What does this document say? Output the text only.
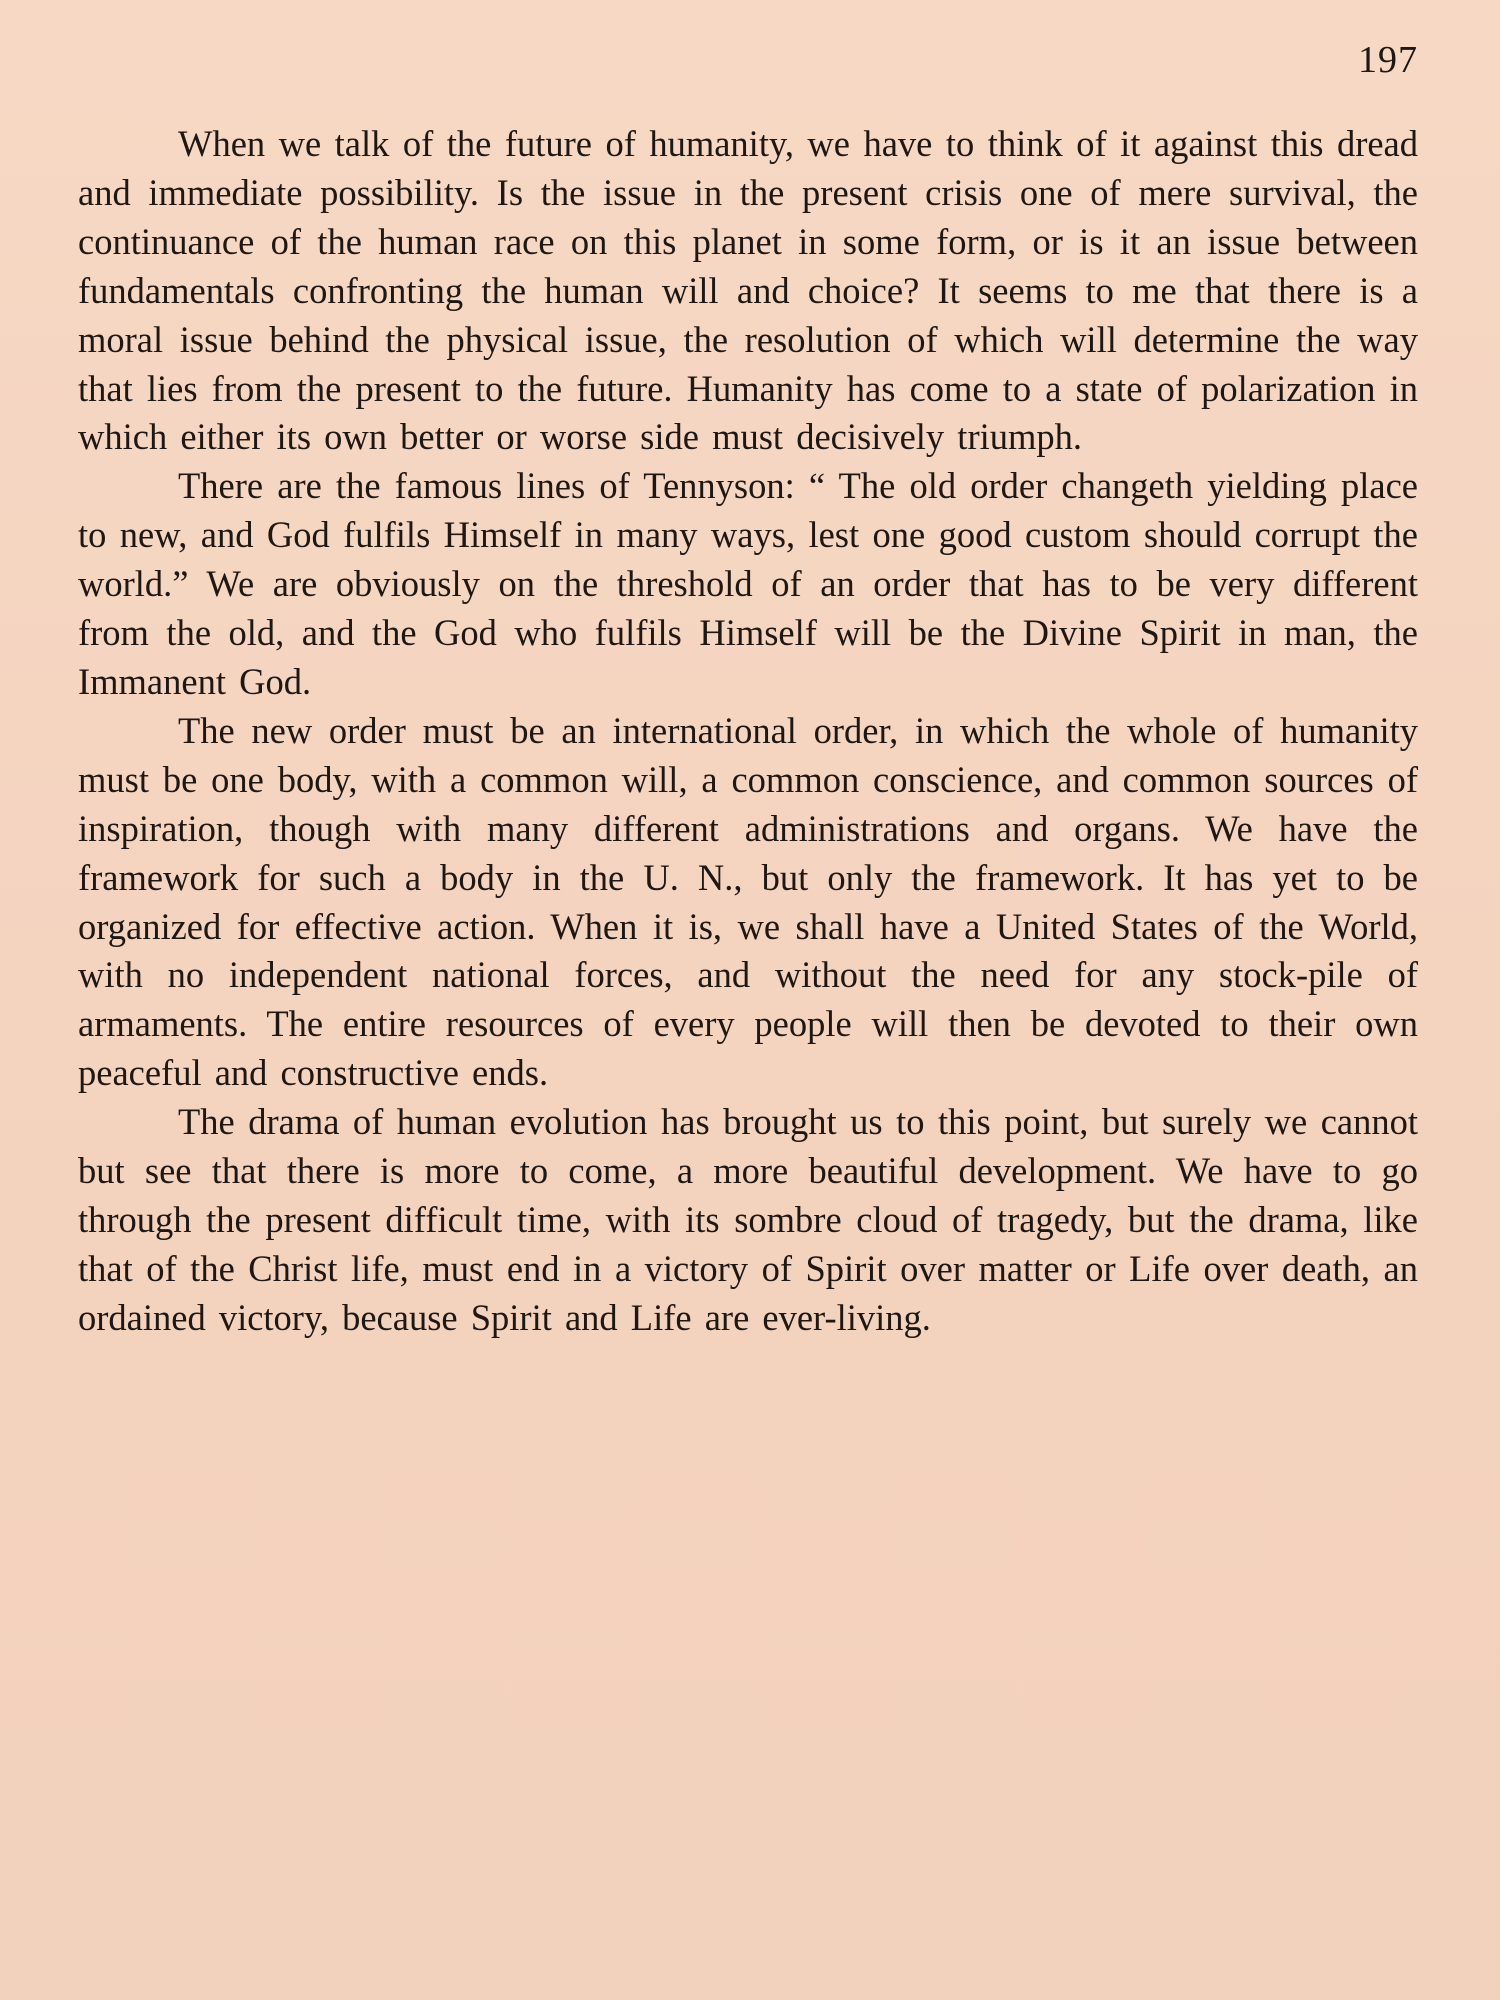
197

When we talk of the future of humanity, we have to think of it against this dread and immediate possibility. Is the issue in the present crisis one of mere survival, the continuance of the human race on this planet in some form, or is it an issue between fundamentals confronting the human will and choice? It seems to me that there is a moral issue behind the physical issue, the resolution of which will determine the way that lies from the present to the future. Humanity has come to a state of polarization in which either its own better or worse side must decisively triumph.

There are the famous lines of Tennyson: “ The old order changeth yielding place to new, and God fulfils Himself in many ways, lest one good custom should corrupt the world.” We are obviously on the threshold of an order that has to be very different from the old, and the God who fulfils Himself will be the Divine Spirit in man, the Immanent God.

The new order must be an international order, in which the whole of humanity must be one body, with a common will, a common conscience, and common sources of inspiration, though with many different administrations and organs. We have the framework for such a body in the U. N., but only the framework. It has yet to be organized for effective action. When it is, we shall have a United States of the World, with no independent national forces, and without the need for any stock-pile of armaments. The entire resources of every people will then be devoted to their own peaceful and constructive ends.

The drama of human evolution has brought us to this point, but surely we cannot but see that there is more to come, a more beautiful development. We have to go through the present difficult time, with its sombre cloud of tragedy, but the drama, like that of the Christ life, must end in a victory of Spirit over matter or Life over death, an ordained victory, because Spirit and Life are ever-living.
